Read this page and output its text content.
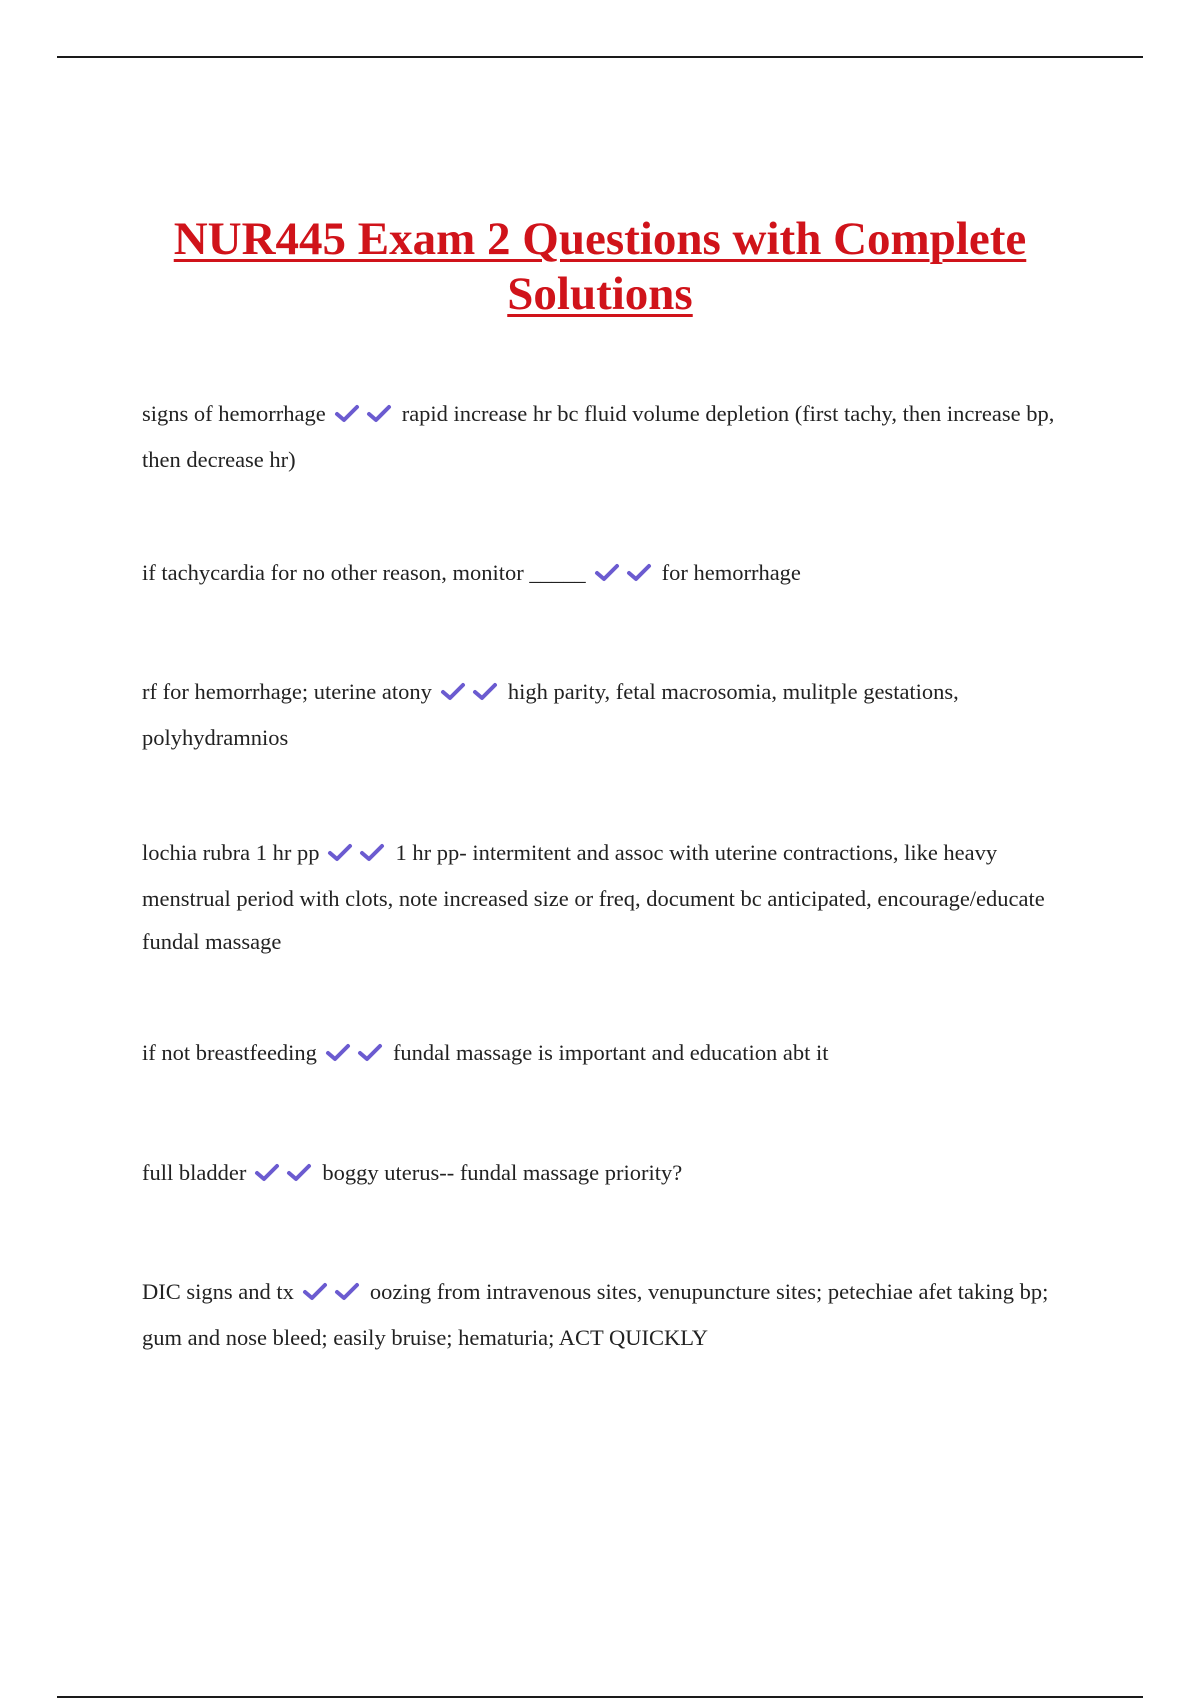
NUR445 Exam 2 Questions with Complete Solutions

signs of hemorrhage	rapid increase hr bc fluid volume depletion (first tachy, then increase bp, then decrease hr)

if tachycardia for no other reason, monitor _____	for hemorrhage

rf for hemorrhage; uterine atony	high parity, fetal macrosomia, mulitple gestations, polyhydramnios

lochia rubra 1 hr pp	1 hr pp- intermitent and assoc with uterine contractions, like heavy menstrual period with clots, note increased size or freq, document bc anticipated, encourage/educate fundal massage

if not breastfeeding	fundal massage is important and education abt it

full bladder	boggy uterus-- fundal massage priority?

DIC signs and tx	oozing from intravenous sites, venupuncture sites; petechiae afet taking bp; gum and nose bleed; easily bruise; hematuria; ACT QUICKLY
